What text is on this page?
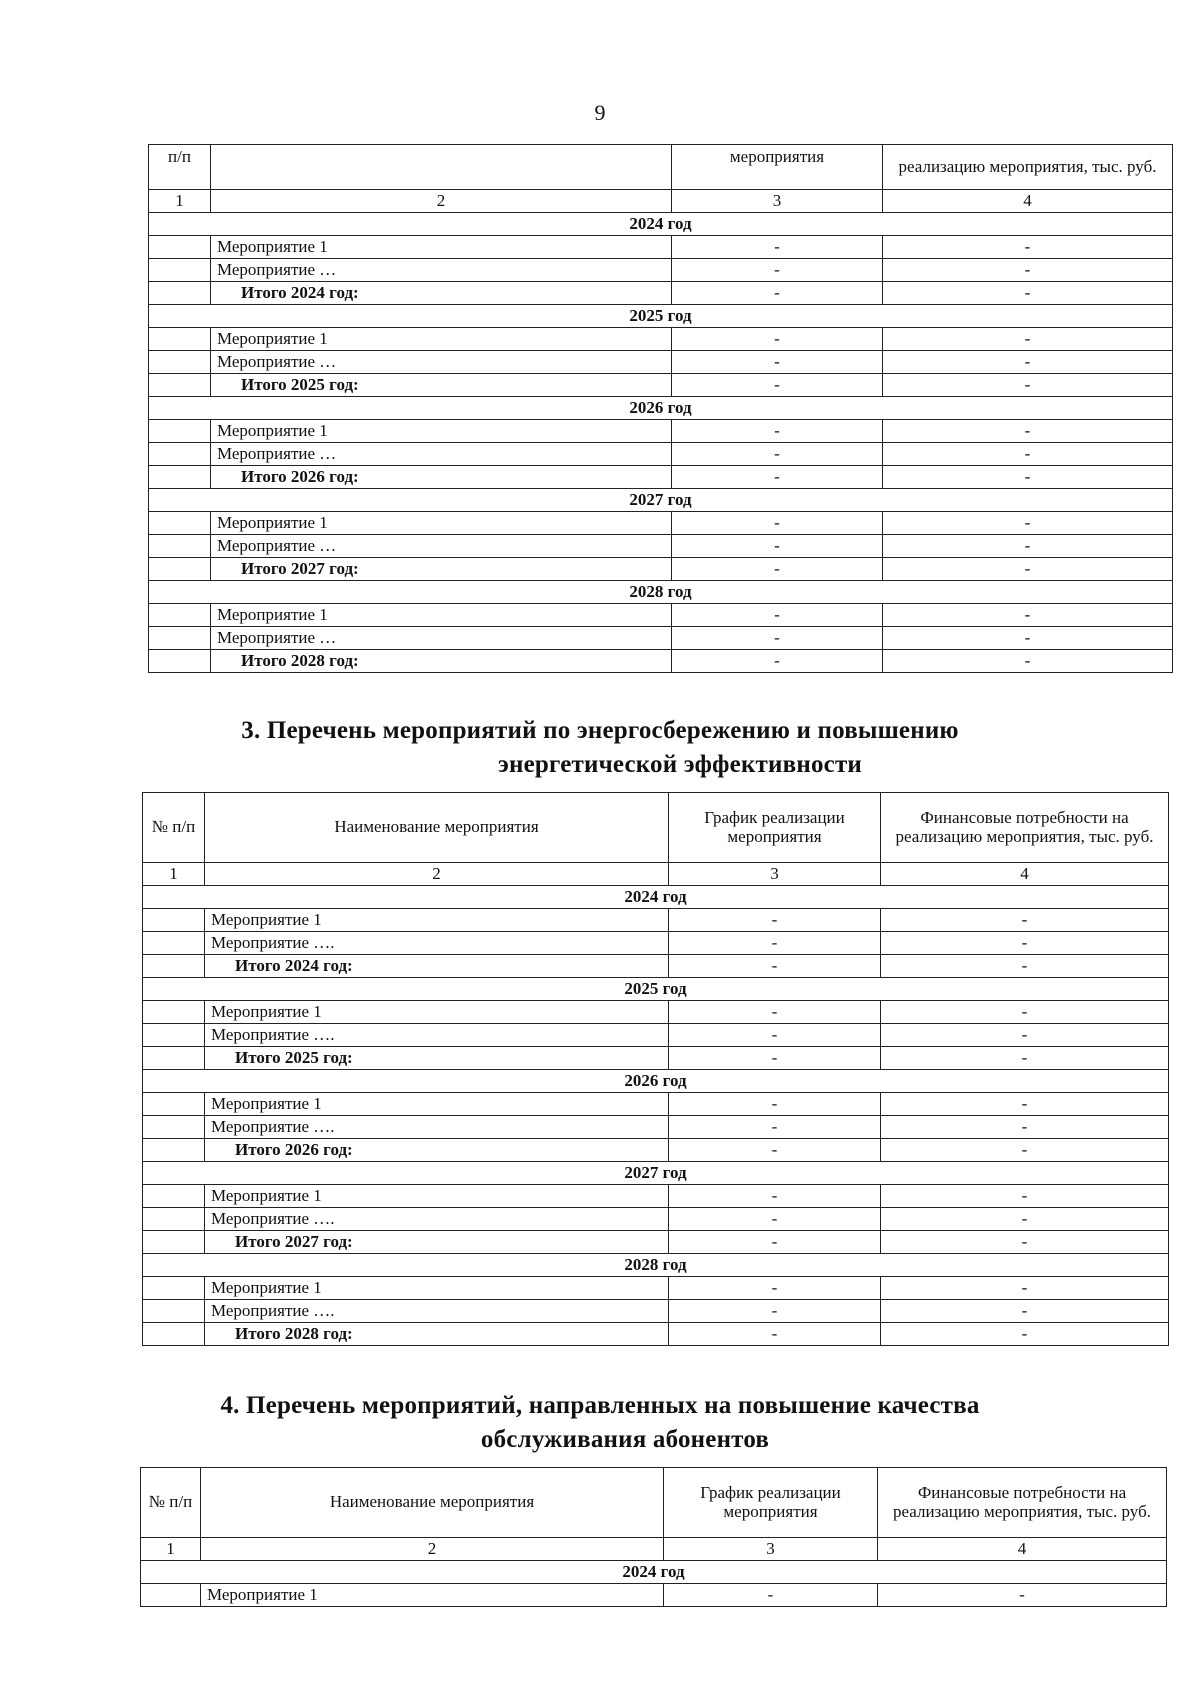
9
п/п		мероприятия	реализацию мероприятия, тыс. руб.
1	2	3	4
2024 год			
	Мероприятие 1	-	-
	Мероприятие …	-	-
	Итого 2024 год:	-	-
2025 год			
	Мероприятие 1	-	-
	Мероприятие …	-	-
	Итого 2025 год:	-	-
2026 год			
	Мероприятие 1	-	-
	Мероприятие …	-	-
	Итого 2026 год:	-	-
2027 год			
	Мероприятие 1	-	-
	Мероприятие …	-	-
	Итого 2027 год:	-	-
2028 год			
	Мероприятие 1	-	-
	Мероприятие …	-	-
	Итого 2028 год:	-	-
3. Перечень мероприятий по энергосбережению и повышению
энергетической эффективности
№ п/п	Наименование мероприятия	График реализации мероприятия	Финансовые потребности на реализацию мероприятия, тыс. руб.
1	2	3	4
2024 год			
	Мероприятие 1	-	-
	Мероприятие ….	-	-
	Итого 2024 год:	-	-
2025 год			
	Мероприятие 1	-	-
	Мероприятие ….	-	-
	Итого 2025 год:	-	-
2026 год			
	Мероприятие 1	-	-
	Мероприятие ….	-	-
	Итого 2026 год:	-	-
2027 год			
	Мероприятие 1	-	-
	Мероприятие ….	-	-
	Итого 2027 год:	-	-
2028 год			
	Мероприятие 1	-	-
	Мероприятие ….	-	-
	Итого 2028 год:	-	-
4. Перечень мероприятий, направленных на повышение качества
обслуживания абонентов
№ п/п	Наименование мероприятия	График реализации мероприятия	Финансовые потребности на реализацию мероприятия, тыс. руб.
1	2	3	4
2024 год			
	Мероприятие 1	-	-
